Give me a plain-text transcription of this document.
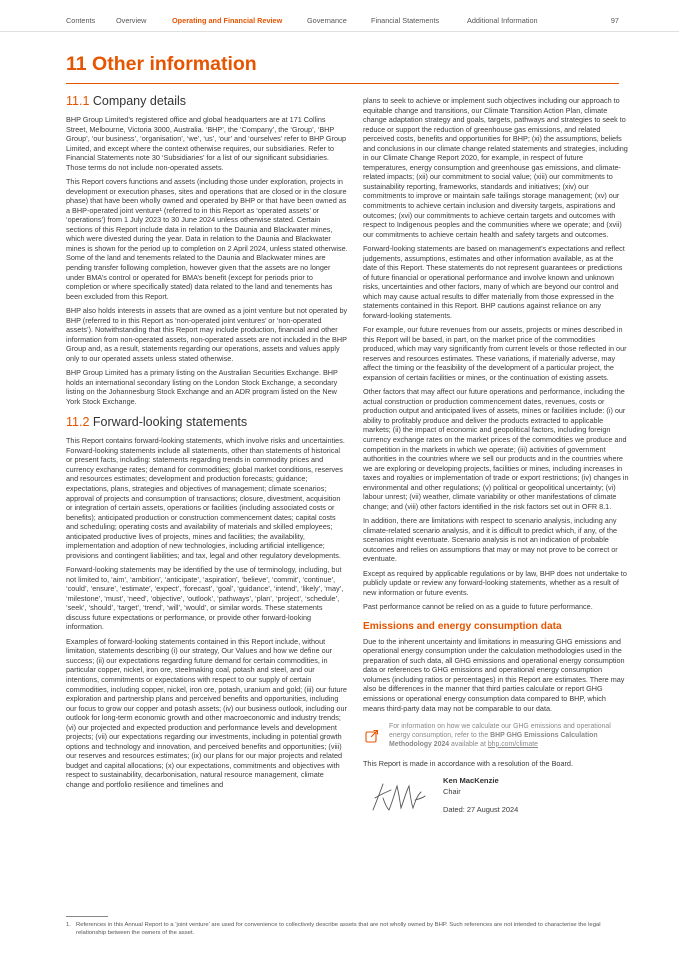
Contents	Overview	Operating and Financial Review	Governance	Financial Statements	Additional Information	97
11 Other information
11.1 Company details

BHP Group Limited’s registered office and global headquarters are at 171 Collins Street, Melbourne, Victoria 3000, Australia. ‘BHP’, the ‘Company’, the ‘Group’, ‘BHP Group’, ‘our business’, ‘organisation’, ‘we’, ‘us’, ‘our’ and ‘ourselves’ refer to BHP Group Limited, and except where the context otherwise requires, our subsidiaries. Refer to Financial Statements note 30 ‘Subsidiaries’ for a list of our significant subsidiaries. Those terms do not include non-operated assets.

This Report covers functions and assets (including those under exploration, projects in development or execution phases, sites and operations that are closed or in the closure phase) that have been wholly owned and operated by BHP or that have been owned as a BHP-operated joint venture¹ (referred to in this Report as ‘operated assets’ or ‘operations’) from 1 July 2023 to 30 June 2024 unless otherwise stated. Certain sections of this Report include data in relation to the Daunia and Blackwater mines, which were divested during the year. Data in relation to the Daunia and Blackwater mines is shown for the period up to completion on 2 April 2024, unless stated otherwise. Some of the land and tenements related to the Daunia and Blackwater mines are pending transfer following completion, however given that the assets are no longer under BMA’s control or operated for BMA’s benefit (except for periods prior to completion or where specifically stated) data related to the land and tenements has been excluded from this Report.

BHP also holds interests in assets that are owned as a joint venture but not operated by BHP (referred to in this Report as ‘non-operated joint ventures’ or ‘non-operated assets’). Notwithstanding that this Report may include production, financial and other information from non-operated assets, non-operated assets are not included in the BHP Group and, as a result, statements regarding our operations, assets and values apply only to our operated assets unless stated otherwise.

BHP Group Limited has a primary listing on the Australian Securities Exchange. BHP holds an international secondary listing on the London Stock Exchange, a secondary listing on the Johannesburg Stock Exchange and an ADR program listed on the New York Stock Exchange.

11.2 Forward-looking statements

This Report contains forward-looking statements, which involve risks and uncertainties. Forward-looking statements include all statements, other than statements of historical or present facts, including: statements regarding trends in commodity prices and currency exchange rates; demand for commodities; global market conditions, reserves and resources estimates; development and production forecasts; guidance; expectations, plans, strategies and objectives of management; climate scenarios; approval of projects and consumption of transactions; closure, divestment, acquisition or integration of certain assets, operations or facilities (including associated costs or benefits); anticipated production or construction commencement dates; capital costs and scheduling; operating costs and availability of materials and skilled employees; anticipated productive lives of projects, mines and facilities; the availability, implementation and adoption of new technologies, including artificial intelligence; provisions and contingent liabilities; and tax, legal and other regulatory developments.

Forward-looking statements may be identified by the use of terminology, including, but not limited to, ‘aim’, ‘ambition’, ‘anticipate’, ‘aspiration’, ‘believe’, ‘commit’, ‘continue’, ‘could’, ‘ensure’, ‘estimate’, ‘expect’, ‘forecast’, ‘goal’, ‘guidance’, ‘intend’, ‘likely’, ‘may’, ‘milestone’, ‘must’, ‘need’, ‘objective’, ‘outlook’, ‘pathways’, ‘plan’, ‘project’, ‘schedule’, ‘seek’, ‘should’, ‘target’, ‘trend’, ‘will’, ‘would’, or similar words. These statements discuss future expectations or performance, or provide other forward-looking information.

Examples of forward-looking statements contained in this Report include, without limitation, statements describing (i) our strategy, Our Values and how we define our success; (ii) our expectations regarding future demand for certain commodities, in particular copper, nickel, iron ore, steelmaking coal, potash and steel, and our intentions, commitments or expectations with respect to our supply of certain commodities, including copper, nickel, iron ore, potash, uranium and gold; (iii) our future exploration and partnership plans and perceived benefits and opportunities, including our focus to grow our copper and potash assets; (iv) our business outlook, including our outlook for long-term economic growth and other macroeconomic and industry trends; (vi) our projected and expected production and performance levels and development projects; (vii) our expectations regarding our investments, including in potential growth options and technology and innovation, and perceived benefits and opportunities; (viii) our reserves and resources estimates; (ix) our plans for our major projects and related budget and capital allocations; (x) our expectations, commitments and objectives with respect to sustainability, decarbonisation, natural resource management, climate change and portfolio resilience and timelines and

plans to seek to achieve or implement such objectives including our approach to equitable change and transitions, our Climate Transition Action Plan, climate change adaptation strategy and goals, targets, pathways and strategies to seek to reduce or support the reduction of greenhouse gas emissions, and related perceived costs, benefits and opportunities for BHP; (xi) the assumptions, beliefs and conclusions in our climate change related statements and strategies, including in our Climate Change Report 2020, for example, in respect of future temperatures, energy consumption and greenhouse gas emissions, and climate-related impacts; (xii) our commitment to social value; (xiii) our commitments to sustainability reporting, frameworks, standards and initiatives; (xiv) our commitments to improve or maintain safe tailings storage management; (xv) our commitments to achieve certain inclusion and diversity targets, aspirations and outcomes; (xvi) our commitments to achieve certain targets and outcomes with respect to Indigenous peoples and the communities where we operate; and (xvii) our commitments to achieve certain health and safety targets and outcomes.

Forward-looking statements are based on management’s expectations and reflect judgements, assumptions, estimates and other information available, as at the date of this Report. These statements do not represent guarantees or predictions of future financial or operational performance and involve known and unknown risks, uncertainties and other factors, many of which are beyond our control and which may cause actual results to differ materially from those expressed in the statements contained in this Report. BHP cautions against reliance on any forward-looking statements.

For example, our future revenues from our assets, projects or mines described in this Report will be based, in part, on the market price of the commodities produced, which may vary significantly from current levels or those reflected in our reserves and resources estimates. These variations, if materially adverse, may affect the timing or the feasibility of the development of a particular project, the expansion of certain facilities or mines, or the continuation of existing assets.

Other factors that may affect our future operations and performance, including the actual construction or production commencement dates, revenues, costs or production output and anticipated lives of assets, mines or facilities include: (i) our ability to profitably produce and deliver the products extracted to applicable markets; (ii) the impact of economic and geopolitical factors, including foreign currency exchange rates on the market prices of the commodities we produce and competition in the markets in which we operate; (iii) activities of government authorities in the countries where we sell our products and in the countries where we are exploring or developing projects, facilities or mines, including increases in taxes and royalties or implementation of trade or export restrictions; (iv) changes in environmental and other regulations; (v) political or geopolitical uncertainty; (vi) labour unrest; (vii) weather, climate variability or other manifestations of climate change; and (viii) other factors identified in the risk factors set out in OFR 8.1.

In addition, there are limitations with respect to scenario analysis, including any climate-related scenario analysis, and it is difficult to predict which, if any, of the scenarios might eventuate. Scenario analysis is not an indication of probable outcomes and relies on assumptions that may or may not prove to be correct or eventuate.

Except as required by applicable regulations or by law, BHP does not undertake to publicly update or review any forward-looking statements, whether as a result of new information or future events.

Past performance cannot be relied on as a guide to future performance.

Emissions and energy consumption data

Due to the inherent uncertainty and limitations in measuring GHG emissions and operational energy consumption under the calculation methodologies used in the preparation of such data, all GHG emissions and operational energy consumption data or references to GHG emissions and operational energy consumption volumes (including ratios or percentages) in this Report are estimates. There may also be differences in the manner that third parties calculate or report GHG emissions or operational energy consumption data compared to BHP, which means third-party data may not be comparable to our data.

For information on how we calculate our GHG emissions and operational energy consumption, refer to the BHP GHG Emissions Calculation Methodology 2024 available at bhp.com/climate

This Report is made in accordance with a resolution of the Board.

Ken MacKenzie
Chair
Dated: 27 August 2024
1. References in this Annual Report to a ‘joint venture’ are used for convenience to collectively describe assets that are not wholly owned by BHP. Such references are not intended to characterise the legal relationship between the owners of the asset.
